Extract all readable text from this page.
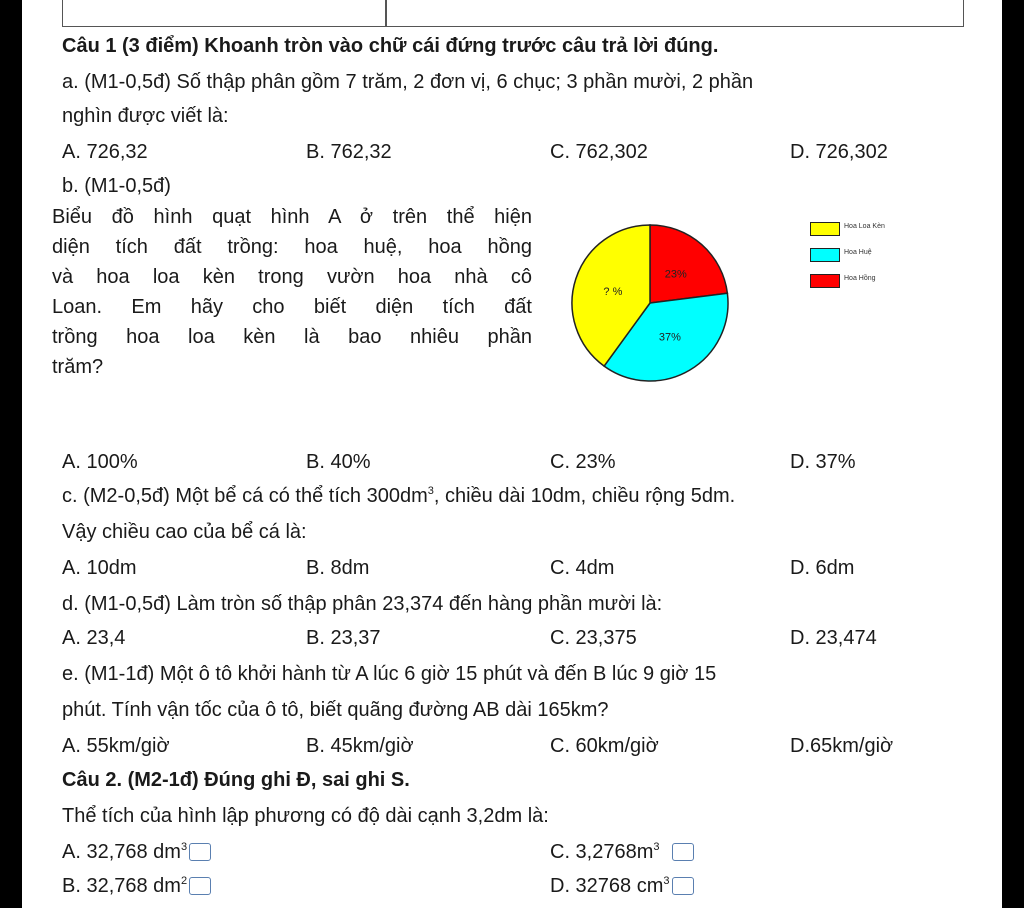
Câu 1 (3 điểm) Khoanh tròn vào chữ cái đứng trước câu trả lời đúng.
a. (M1-0,5đ) Số thập phân gồm 7 trăm, 2 đơn vị, 6 chục; 3 phần mười, 2 phần
nghìn được viết là:
A. 726,32	B. 762,32	C. 762,302	D. 726,302
b. (M1-0,5đ)
Biểu đồ hình quạt hình A ở trên thể hiện
diện tích đất trồng: hoa huệ, hoa hồng
và hoa loa kèn trong vườn hoa nhà cô
Loan. Em hãy cho biết diện tích đất
trồng hoa loa kèn là bao nhiêu phần
trăm?
? %
37%
23%
Hoa Loa Kèn
Hoa Huệ
Hoa Hồng
A. 100%	B. 40%	C. 23%	D. 37%
c. (M2-0,5đ) Một bể cá có thể tích $300dm^3$, chiều dài 10dm, chiều rộng 5dm.
Vậy chiều cao của bể cá là:
A. 10dm	B. 8dm	C. 4dm	D. 6dm
d. (M1-0,5đ) Làm tròn số thập phân 23,374 đến hàng phần mười là:
A. 23,4	B. 23,37	C. 23,375	D. 23,474
e. (M1-1đ) Một ô tô khởi hành từ A lúc 6 giờ 15 phút và đến B lúc 9 giờ 15
phút. Tính vận tốc của ô tô, biết quãng đường AB dài 165km?
A. 55km/giờ	B. 45km/giờ	C. 60km/giờ	D.65km/giờ
Câu 2. (M2-1đ) Đúng ghi Đ, sai ghi S.
Thể tích của hình lập phương có độ dài cạnh 3,2dm là:
A. 32,768 $dm^3$
B. 32,768 $dm^2$
C. $3,2768m^3$
D. 32768 $cm^3$
